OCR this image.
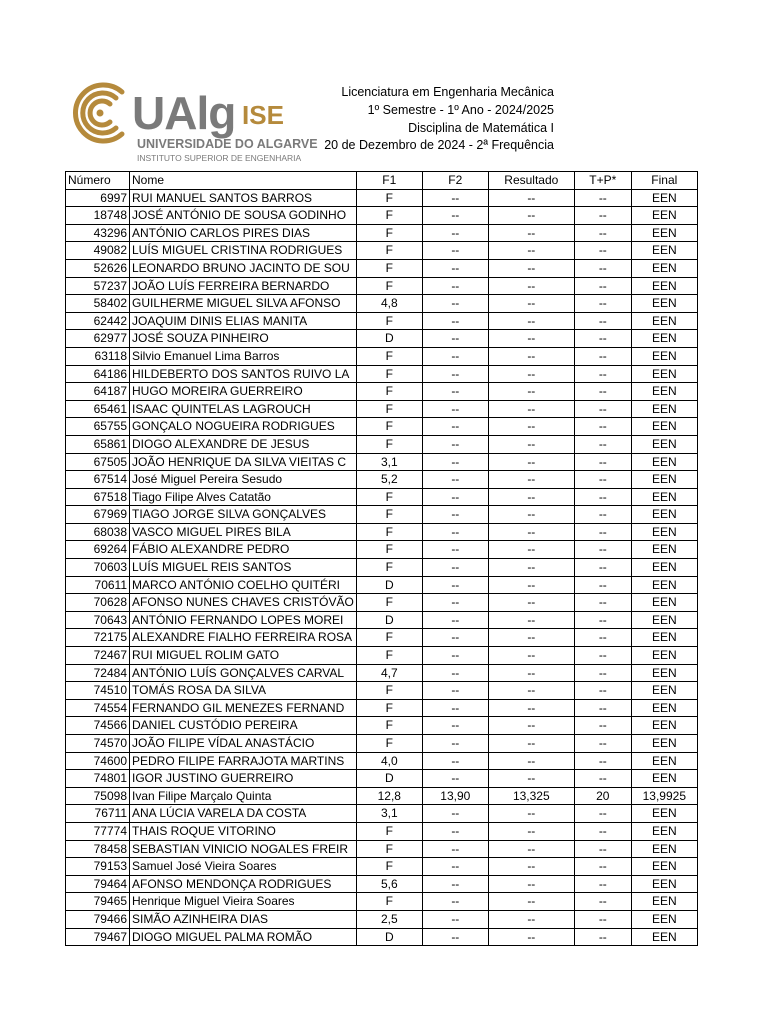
UAlg ISE
UNIVERSIDADE DO ALGARVE
INSTITUTO SUPERIOR DE ENGENHARIA
Licenciatura em Engenharia Mecânica
1º Semestre - 1º Ano - 2024/2025
Disciplina de Matemática I
20 de Dezembro de 2024 - 2ª Frequência
Número	Nome	F1	F2	Resultado	T+P*	Final
6997	RUI MANUEL SANTOS BARROS	F	--	--	--	EEN
18748	JOSÉ ANTÓNIO DE SOUSA GODINHO	F	--	--	--	EEN
43296	ANTÓNIO CARLOS PIRES DIAS	F	--	--	--	EEN
49082	LUÍS MIGUEL CRISTINA RODRIGUES	F	--	--	--	EEN
52626	LEONARDO BRUNO JACINTO DE SOU	F	--	--	--	EEN
57237	JOÃO LUÍS FERREIRA BERNARDO	F	--	--	--	EEN
58402	GUILHERME MIGUEL SILVA AFONSO	4,8	--	--	--	EEN
62442	JOAQUIM DINIS ELIAS MANITA	F	--	--	--	EEN
62977	JOSÉ SOUZA PINHEIRO	D	--	--	--	EEN
63118	Silvio Emanuel Lima Barros	F	--	--	--	EEN
64186	HILDEBERTO DOS SANTOS RUIVO LA	F	--	--	--	EEN
64187	HUGO MOREIRA GUERREIRO	F	--	--	--	EEN
65461	ISAAC QUINTELAS LAGROUCH	F	--	--	--	EEN
65755	GONÇALO NOGUEIRA RODRIGUES	F	--	--	--	EEN
65861	DIOGO ALEXANDRE DE JESUS	F	--	--	--	EEN
67505	JOÃO HENRIQUE DA SILVA VIEITAS C	3,1	--	--	--	EEN
67514	José Miguel Pereira Sesudo	5,2	--	--	--	EEN
67518	Tiago Filipe Alves Catatão	F	--	--	--	EEN
67969	TIAGO JORGE SILVA GONÇALVES	F	--	--	--	EEN
68038	VASCO MIGUEL PIRES BILA	F	--	--	--	EEN
69264	FÁBIO ALEXANDRE PEDRO	F	--	--	--	EEN
70603	LUÍS MIGUEL REIS SANTOS	F	--	--	--	EEN
70611	MARCO ANTÓNIO COELHO QUITÉRI	D	--	--	--	EEN
70628	AFONSO NUNES CHAVES CRISTÓVÃO	F	--	--	--	EEN
70643	ANTÓNIO FERNANDO LOPES MOREI	D	--	--	--	EEN
72175	ALEXANDRE FIALHO FERREIRA ROSA	F	--	--	--	EEN
72467	RUI MIGUEL ROLIM GATO	F	--	--	--	EEN
72484	ANTÓNIO LUÍS GONÇALVES CARVAL	4,7	--	--	--	EEN
74510	TOMÁS ROSA DA SILVA	F	--	--	--	EEN
74554	FERNANDO GIL MENEZES FERNAND	F	--	--	--	EEN
74566	DANIEL CUSTÓDIO PEREIRA	F	--	--	--	EEN
74570	JOÃO FILIPE VÍDAL ANASTÁCIO	F	--	--	--	EEN
74600	PEDRO FILIPE FARRAJOTA MARTINS	4,0	--	--	--	EEN
74801	IGOR JUSTINO GUERREIRO	D	--	--	--	EEN
75098	Ivan Filipe Marçalo Quinta	12,8	13,90	13,325	20	13,9925
76711	ANA LÚCIA VARELA DA COSTA	3,1	--	--	--	EEN
77774	THAIS ROQUE VITORINO	F	--	--	--	EEN
78458	SEBASTIAN VINICIO NOGALES FREIR	F	--	--	--	EEN
79153	Samuel José Vieira Soares	F	--	--	--	EEN
79464	AFONSO MENDONÇA RODRIGUES	5,6	--	--	--	EEN
79465	Henrique Miguel Vieira Soares	F	--	--	--	EEN
79466	SIMÃO AZINHEIRA DIAS	2,5	--	--	--	EEN
79467	DIOGO MIGUEL PALMA ROMÃO	D	--	--	--	EEN
